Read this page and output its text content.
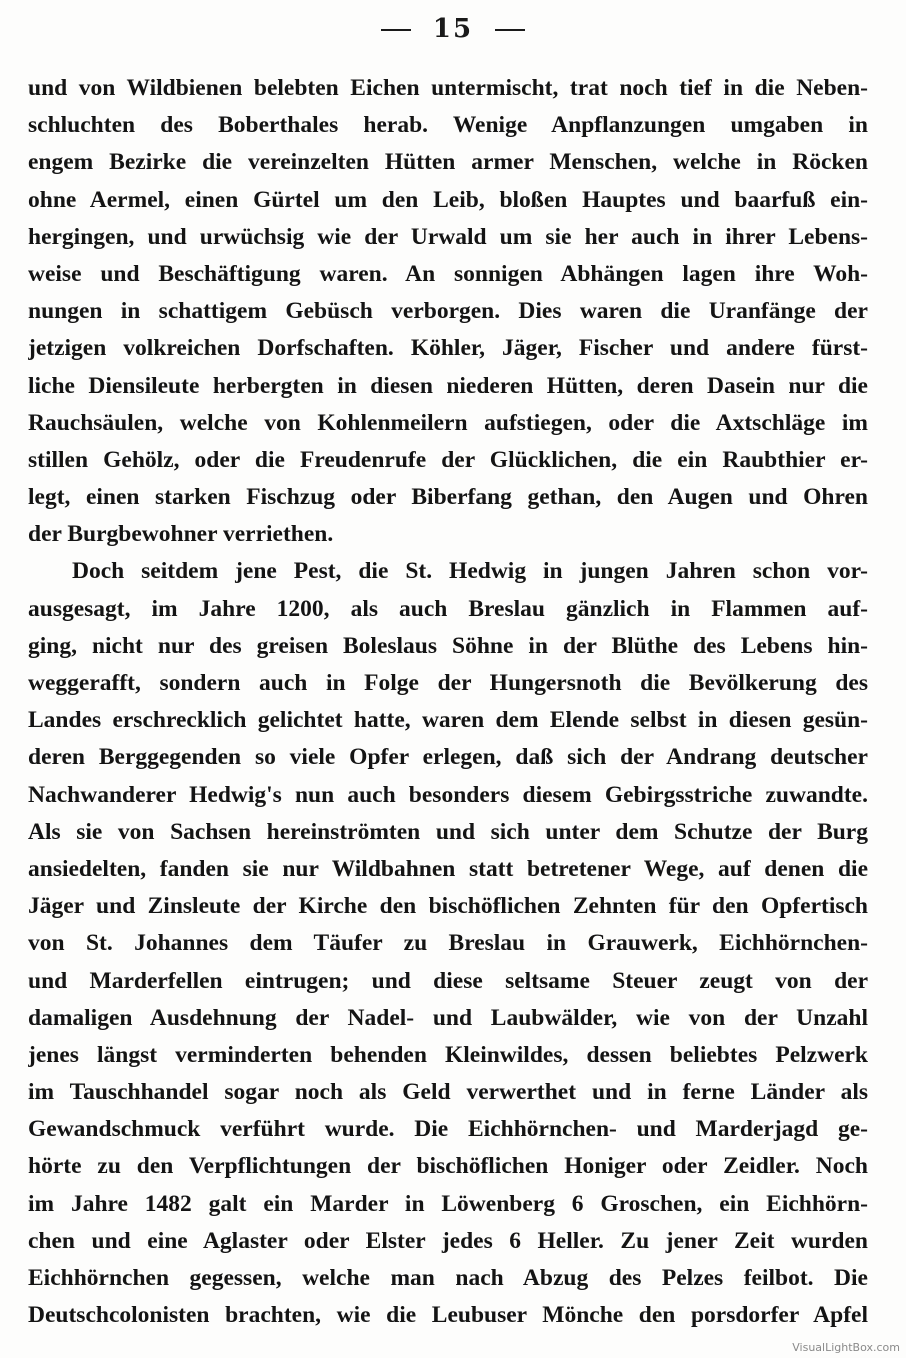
15
und von Wildbienen belebten Eichen untermischt, trat noch tief in die Neben-
schluchten des Boberthales herab. Wenige Anpflanzungen umgaben in
engem Bezirke die vereinzelten Hütten armer Menschen, welche in Röcken
ohne Aermel, einen Gürtel um den Leib, bloßen Hauptes und baarfuß ein-
hergingen, und urwüchsig wie der Urwald um sie her auch in ihrer Lebens-
weise und Beschäftigung waren. An sonnigen Abhängen lagen ihre Woh-
nungen in schattigem Gebüsch verborgen. Dies waren die Uranfänge der
jetzigen volkreichen Dorfschaften. Köhler, Jäger, Fischer und andere fürst-
liche Diensileute herbergten in diesen niederen Hütten, deren Dasein nur die
Rauchsäulen, welche von Kohlenmeilern aufstiegen, oder die Axtschläge im
stillen Gehölz, oder die Freudenrufe der Glücklichen, die ein Raubthier er-
legt, einen starken Fischzug oder Biberfang gethan, den Augen und Ohren
der Burgbewohner verriethen.
Doch seitdem jene Pest, die St. Hedwig in jungen Jahren schon vor-
ausgesagt, im Jahre 1200, als auch Breslau gänzlich in Flammen auf-
ging, nicht nur des greisen Boleslaus Söhne in der Blüthe des Lebens hin-
weggerafft, sondern auch in Folge der Hungersnoth die Bevölkerung des
Landes erschrecklich gelichtet hatte, waren dem Elende selbst in diesen gesün-
deren Berggegenden so viele Opfer erlegen, daß sich der Andrang deutscher
Nachwanderer Hedwig's nun auch besonders diesem Gebirgsstriche zuwandte.
Als sie von Sachsen hereinströmten und sich unter dem Schutze der Burg
ansiedelten, fanden sie nur Wildbahnen statt betretener Wege, auf denen die
Jäger und Zinsleute der Kirche den bischöflichen Zehnten für den Opfertisch
von St. Johannes dem Täufer zu Breslau in Grauwerk, Eichhörnchen-
und Marderfellen eintrugen; und diese seltsame Steuer zeugt von der
damaligen Ausdehnung der Nadel- und Laubwälder, wie von der Unzahl
jenes längst verminderten behenden Kleinwildes, dessen beliebtes Pelzwerk
im Tauschhandel sogar noch als Geld verwerthet und in ferne Länder als
Gewandschmuck verführt wurde. Die Eichhörnchen- und Marderjagd ge-
hörte zu den Verpflichtungen der bischöflichen Honiger oder Zeidler. Noch
im Jahre 1482 galt ein Marder in Löwenberg 6 Groschen, ein Eichhörn-
chen und eine Aglaster oder Elster jedes 6 Heller. Zu jener Zeit wurden
Eichhörnchen gegessen, welche man nach Abzug des Pelzes feilbot. Die
Deutschcolonisten brachten, wie die Leubuser Mönche den porsdorfer Apfel
VisualLightBox.com
